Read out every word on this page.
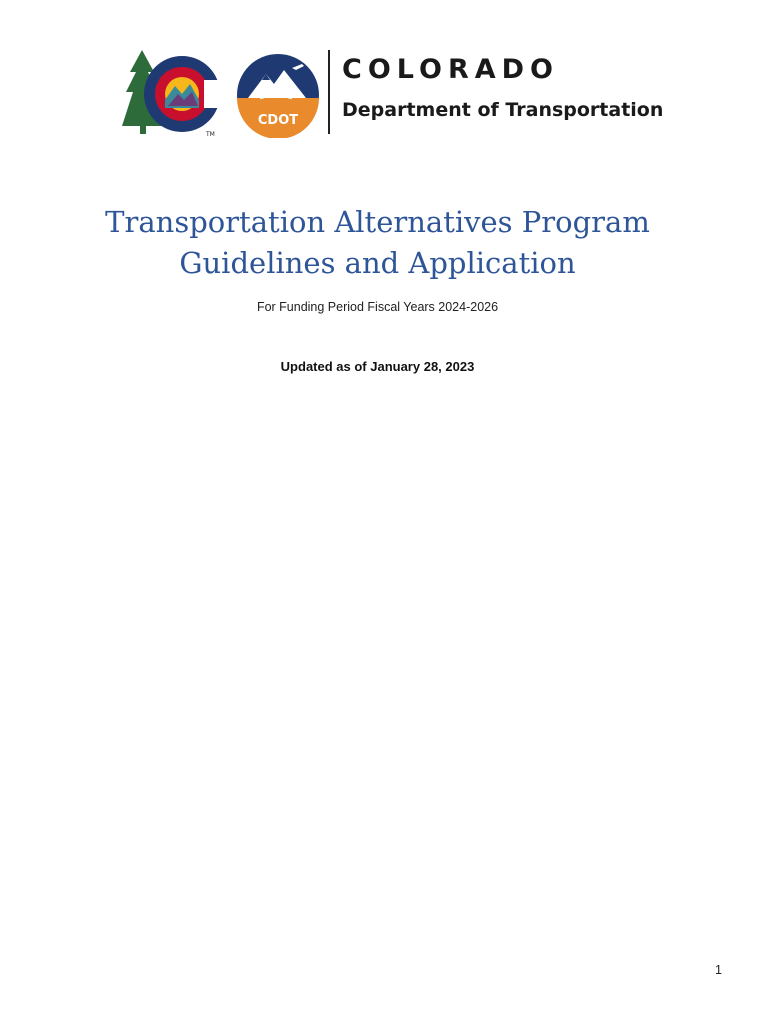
TM
CDOT
COLORADO
Department of Transportation
Transportation Alternatives Program
Guidelines and Application
For Funding Period Fiscal Years 2024-2026
Updated as of January 28, 2023
1
